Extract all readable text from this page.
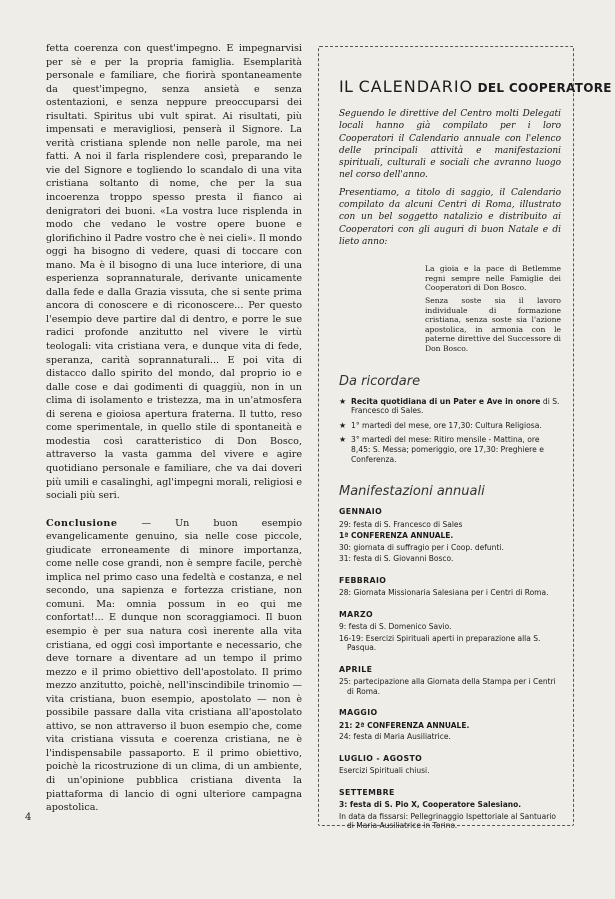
fetta coerenza con quest'impegno. E impegnarvisi per sè e per la propria famiglia. Esemplarità personale e familiare, che fiorirà spontaneamente da quest'impegno, senza ansietà e senza ostentazioni, e senza neppure preoccuparsi dei risultati. Spiritus ubi vult spirat. Ai risultati, più impensati e meravigliosi, penserà il Signore. La verità cristiana splende non nelle parole, ma nei fatti. A noi il farla risplendere così, preparando le vie del Signore e togliendo lo scandalo di una vita cristiana soltanto di nome, che per la sua incoerenza troppo spesso presta il fianco ai denigratori dei buoni. «La vostra luce risplenda in modo che vedano le vostre opere buone e glorifichino il Padre vostro che è nei cieli». Il mondo oggi ha bisogno di vedere, quasi di toccare con mano. Ma è il bisogno di una luce interiore, di una esperienza soprannaturale, derivante unicamente dalla fede e dalla Grazia vissuta, che si sente prima ancora di conoscere e di riconoscere... Per questo l'esempio deve partire dal di dentro, e porre le sue radici profonde anzitutto nel vivere le virtù teologali: vita cristiana vera, e dunque vita di fede, speranza, carità soprannaturali... E poi vita di distacco dallo spirito del mondo, dal proprio io e dalle cose e dai godimenti di quaggiù, non in un clima di isolamento e tristezza, ma in un'atmosfera di serena e gioiosa apertura fraterna. Il tutto, reso come sperimentale, in quello stile di spontaneità e modestia così caratteristico di Don Bosco, attraverso la vasta gamma del vivere e agire quotidiano personale e familiare, che va dai doveri più umili e casalinghi, agl'impegni morali, religiosi e sociali più seri.

Conclusione — Un buon esempio evangelicamente genuino, sia nelle cose piccole, giudicate erroneamente di minore importanza, come nelle cose grandi, non è sempre facile, perchè implica nel primo caso una fedeltà e costanza, e nel secondo, una sapienza e fortezza cristiane, non comuni. Ma: omnia possum in eo qui me confortat!... E dunque non scoraggiamoci. Il buon esempio è per sua natura così inerente alla vita cristiana, ed oggi così importante e necessario, che deve tornare a diventare ad un tempo il primo mezzo e il primo obiettivo dell'apostolato. Il primo mezzo anzitutto, poichè, nell'inscindibile trinomio — vita cristiana, buon esempio, apostolato — non è possibile passare dalla vita cristiana all'apostolato attivo, se non attraverso il buon esempio che, come vita cristiana vissuta e coerenza cristiana, ne è l'indispensabile passaporto. E il primo obiettivo, poichè la ricostruzione di un clima, di un ambiente, di un'opinione pubblica cristiana diventa la piattaforma di lancio di ogni ulteriore campagna apostolica.

4
IL CALENDARIO DEL COOPERATORE

Seguendo le direttive del Centro molti Delegati locali hanno già compilato per i loro Cooperatori il Calendario annuale con l'elenco delle principali attività e manifestazioni spirituali, culturali e sociali che avranno luogo nel corso dell'anno.

Presentiamo, a titolo di saggio, il Calendario compilato da alcuni Centri di Roma, illustrato con un bel soggetto natalizio e distribuito ai Cooperatori con gli auguri di buon Natale e di lieto anno:

La gioia e la pace di Betlemme regni sempre nelle Famiglie dei Cooperatori di Don Bosco.

Senza soste sia il lavoro individuale di formazione cristiana, senza soste sia l'azione apostolica, in armonia con le paterne direttive del Successore di Don Bosco.

Da ricordare
★ Recita quotidiana di un Pater e Ave in onore di S. Francesco di Sales.
★ 1° martedì del mese, ore 17,30: Cultura Religiosa.
★ 3° martedì del mese: Ritiro mensile - Mattina, ore 8,45: S. Messa; pomeriggio, ore 17,30: Preghiere e Conferenza.
Manifestazioni annuali
GENNAIO
29: festa di S. Francesco di Sales
1ª CONFERENZA ANNUALE.
30: giornata di suffragio per i Coop. defunti.
31: festa di S. Giovanni Bosco.
FEBBRAIO
28: Giornata Missionaria Salesiana per i Centri di Roma.
MARZO
9: festa di S. Domenico Savio.
16-19: Esercizi Spirituali aperti in preparazione alla S. Pasqua.
APRILE
25: partecipazione alla Giornata della Stampa per i Centri di Roma.
MAGGIO
21: 2ª CONFERENZA ANNUALE.
24: festa di Maria Ausiliatrice.
LUGLIO - AGOSTO
Esercizi Spirituali chiusi.
SETTEMBRE
3: festa di S. Pio X, Cooperatore Salesiano.
In data da fissarsi: Pellegrinaggio Ispettoriale al Santuario di Maria Ausiliatrice in Torino.
